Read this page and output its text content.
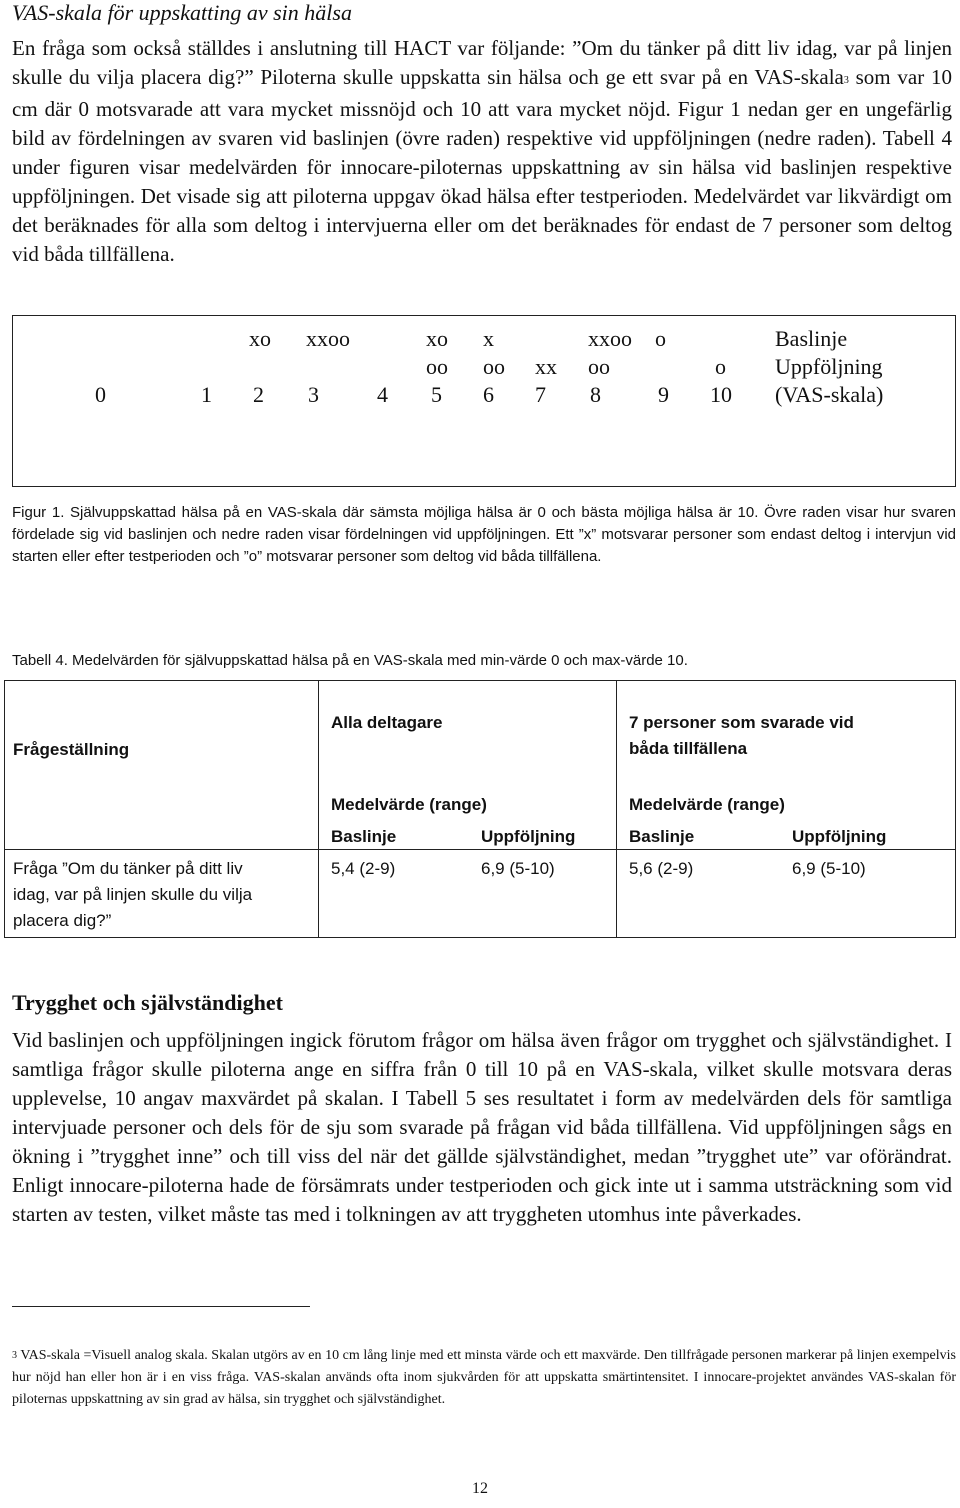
VAS-skala för uppskatting av sin hälsa

En fråga som också ställdes i anslutning till HACT var följande: ”Om du tänker på ditt liv idag, var på linjen skulle du vilja placera dig?” Piloterna skulle uppskatta sin hälsa och ge ett svar på en VAS-skala3 som var 10 cm där 0 motsvarade att vara mycket missnöjd och 10 att vara mycket nöjd. Figur 1 nedan ger en ungefärlig bild av fördelningen av svaren vid baslinjen (övre raden) respektive vid uppföljningen (nedre raden). Tabell 4 under figuren visar medelvärden för innocare-piloternas uppskattning av sin hälsa vid baslinjen respektive uppföljningen. Det visade sig att piloterna uppgav ökad hälsa efter testperioden. Medelvärdet var likvärdigt om det beräknades för alla som deltog i intervjuerna eller om det beräknades för endast de 7 personer som deltog vid båda tillfällena.

xo xxoo	xo x	xxoo o	Baslinje
oo oo xx oo	o Uppföljning
0	1 2 3	4 5 6 7 8	9 10 (VAS-skala)
Figur 1. Självuppskattad hälsa på en VAS-skala där sämsta möjliga hälsa är 0 och bästa möjliga hälsa är 10. Övre raden visar hur svaren fördelade sig vid baslinjen och nedre raden visar fördelningen vid uppföljningen. Ett ”x” motsvarar personer som endast deltog i intervjun vid starten eller efter testperioden och ”o” motsvarar personer som deltog vid båda tillfällena.
Tabell 4. Medelvärden för självuppskattad hälsa på en VAS-skala med min-värde 0 och max-värde 10.
Frågeställning
Alla deltagare	7 personer som svarade vid
båda tillfällena
Medelvärde (range)	Medelvärde (range)
Baslinje	Uppföljning	Baslinje	Uppföljning
Fråga ”Om du tänker på ditt liv
idag, var på linjen skulle du vilja
placera dig?”
5,4 (2-9)	6,9 (5-10)	5,6 (2-9)	6,9 (5-10)
Trygghet och självständighet

Vid baslinjen och uppföljningen ingick förutom frågor om hälsa även frågor om trygghet och självständighet. I samtliga frågor skulle piloterna ange en siffra från 0 till 10 på en VAS-skala, vilket skulle motsvara deras upplevelse, 10 angav maxvärdet på skalan. I Tabell 5 ses resultatet i form av medelvärden dels för samtliga intervjuade personer och dels för de sju som svarade på frågan vid båda tillfällena. Vid uppföljningen sågs en ökning i ”trygghet inne” och till viss del när det gällde självständighet, medan ”trygghet ute” var oförändrat. Enligt innocare-piloterna hade de försämrats under testperioden och gick inte ut i samma utsträckning som vid starten av testen, vilket måste tas med i tolkningen av att tryggheten utomhus inte påverkades.

3 VAS-skala =Visuell analog skala. Skalan utgörs av en 10 cm lång linje med ett minsta värde och ett maxvärde. Den tillfrågade personen markerar på linjen exempelvis hur nöjd han eller hon är i en viss fråga. VAS-skalan används ofta inom sjukvården för att uppskatta smärtintensitet. I innocare-projektet användes VAS-skalan för piloternas uppskattning av sin grad av hälsa, sin trygghet och självständighet.
12
